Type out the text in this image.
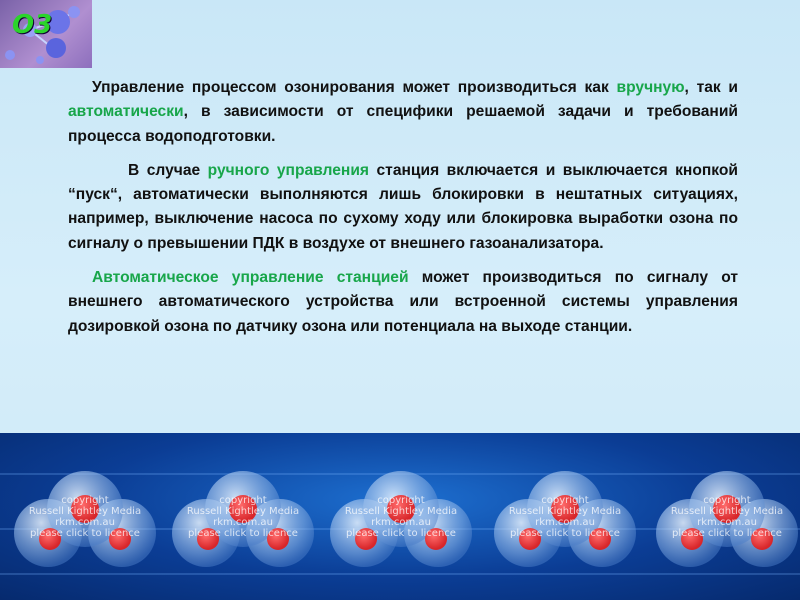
O3

Управление процессом озонирования может производиться как вручную, так и автоматически, в зависимости от специфики решаемой задачи и требований процесса водоподготовки.

В случае ручного управления станция включается и выключается кнопкой “пуск“, автоматически выполняются лишь блокировки в нештатных ситуациях, например, выключение насоса по сухому ходу или блокировка выработки озона по сигналу о превышении ПДК в воздухе от внешнего газоанализатора.

Автоматическое управление станцией может производиться по сигналу от внешнего автоматического устройства или встроенной системы управления дозировкой озона по датчику озона или потенциала на выходе станции.

copyright
Russell Kightley Media
rkm.com.au
please click to licence
copyright
Russell Kightley Media
rkm.com.au
please click to licence
copyright
Russell Kightley Media
rkm.com.au
please click to licence
copyright
Russell Kightley Media
rkm.com.au
please click to licence
copyright
Russell Kightley Media
rkm.com.au
please click to licence
